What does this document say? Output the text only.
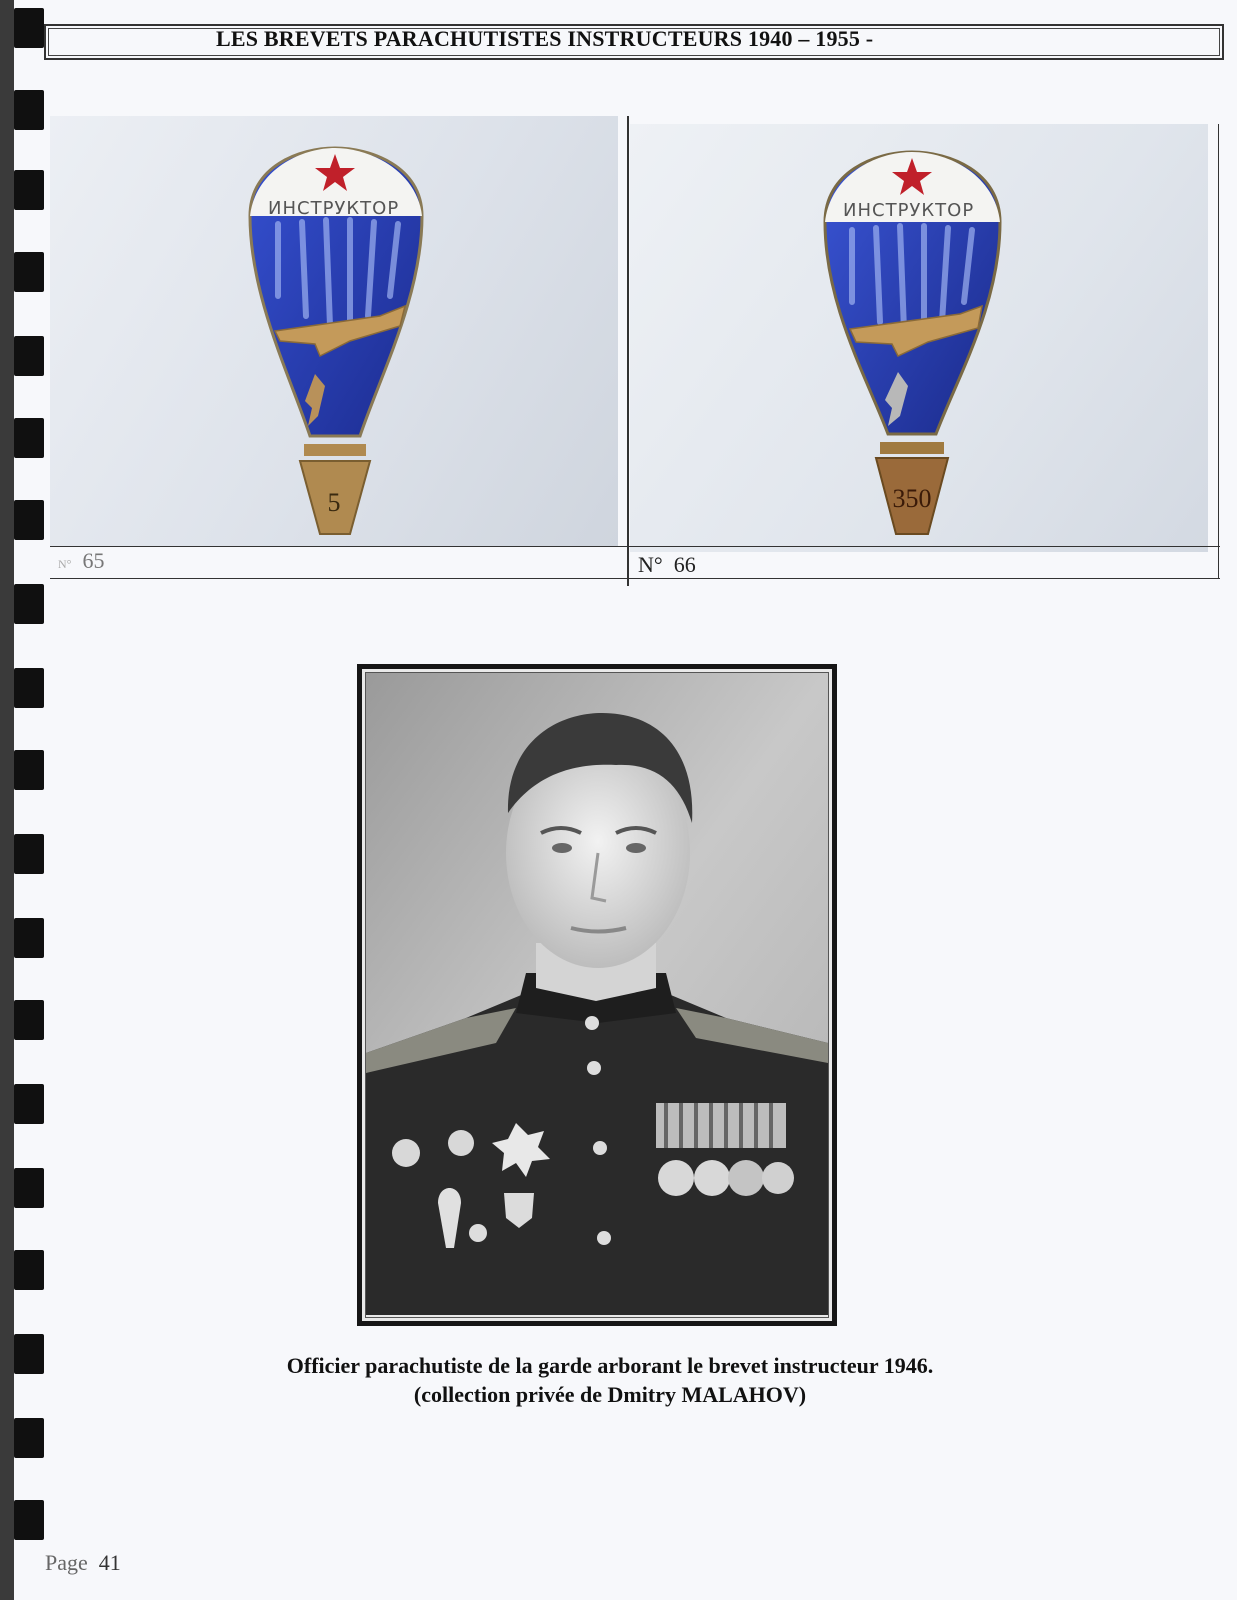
LES BREVETS PARACHUTISTES INSTRUCTEURS 1940 – 1955 -
ИНСТРУКТОР
5
ИНСТРУКТОР
350
N° 65	N° 66
Officier parachutiste de la garde arborant le brevet instructeur 1946.
(collection privée de Dmitry MALAHOV)
Page 41
